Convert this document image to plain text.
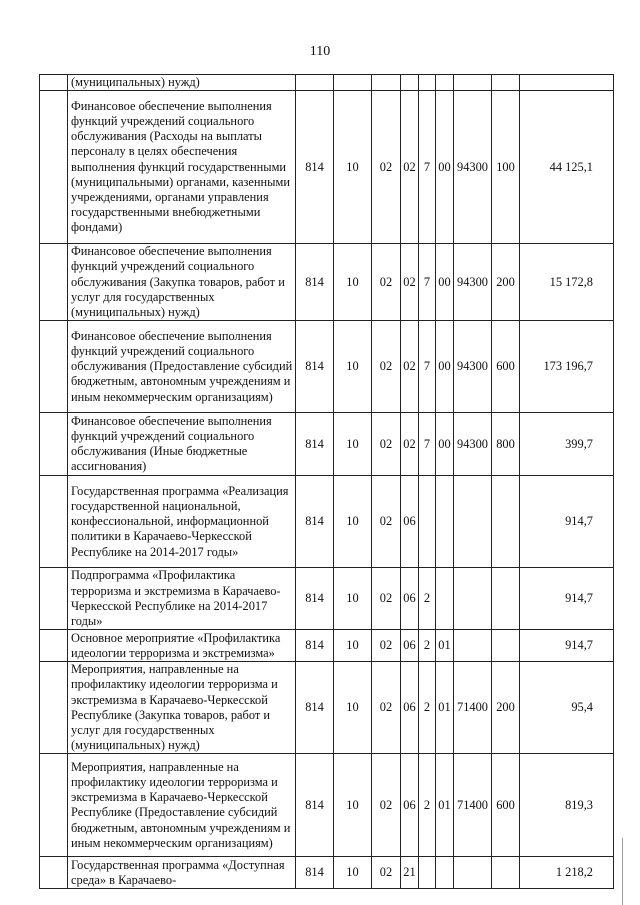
110
	(муниципальных) нужд)									
	Финансовое обеспечение выполнения функций учреждений социального обслуживания (Расходы на выплаты персоналу в целях обеспечения выполнения функций государственными (муниципальными) органами, казенными учреждениями, органами управления государственными внебюджетными фондами)	814	10	02	02	7	00	94300	100	44 125,1
	Финансовое обеспечение выполнения функций учреждений социального обслуживания (Закупка товаров, работ и услуг для государственных (муниципальных) нужд)	814	10	02	02	7	00	94300	200	15 172,8
	Финансовое обеспечение выполнения функций учреждений социального обслуживания (Предоставление субсидий бюджетным, автономным учреждениям и иным некоммерческим организациям)	814	10	02	02	7	00	94300	600	173 196,7
	Финансовое обеспечение выполнения функций учреждений социального обслуживания (Иные бюджетные ассигнования)	814	10	02	02	7	00	94300	800	399,7
	Государственная программа «Реализация государственной национальной, конфессиональной, информационной политики в Карачаево-Черкесской Республике на 2014-2017 годы»	814	10	02	06					914,7
	Подпрограмма «Профилактика терроризма и экстремизма в Карачаево-Черкесской Республике на 2014-2017 годы»	814	10	02	06	2				914,7
	Основное мероприятие «Профилактика идеологии терроризма и экстремизма»	814	10	02	06	2	01			914,7
	Мероприятия, направленные на профилактику идеологии терроризма и экстремизма в Карачаево-Черкесской Республике (Закупка товаров, работ и услуг для государственных (муниципальных) нужд)	814	10	02	06	2	01	71400	200	95,4
	Мероприятия, направленные на профилактику идеологии терроризма и экстремизма в Карачаево-Черкесской Республике (Предоставление субсидий бюджетным, автономным учреждениям и иным некоммерческим организациям)	814	10	02	06	2	01	71400	600	819,3
	Государственная программа «Доступная среда» в Карачаево-	814	10	02	21					1 218,2
